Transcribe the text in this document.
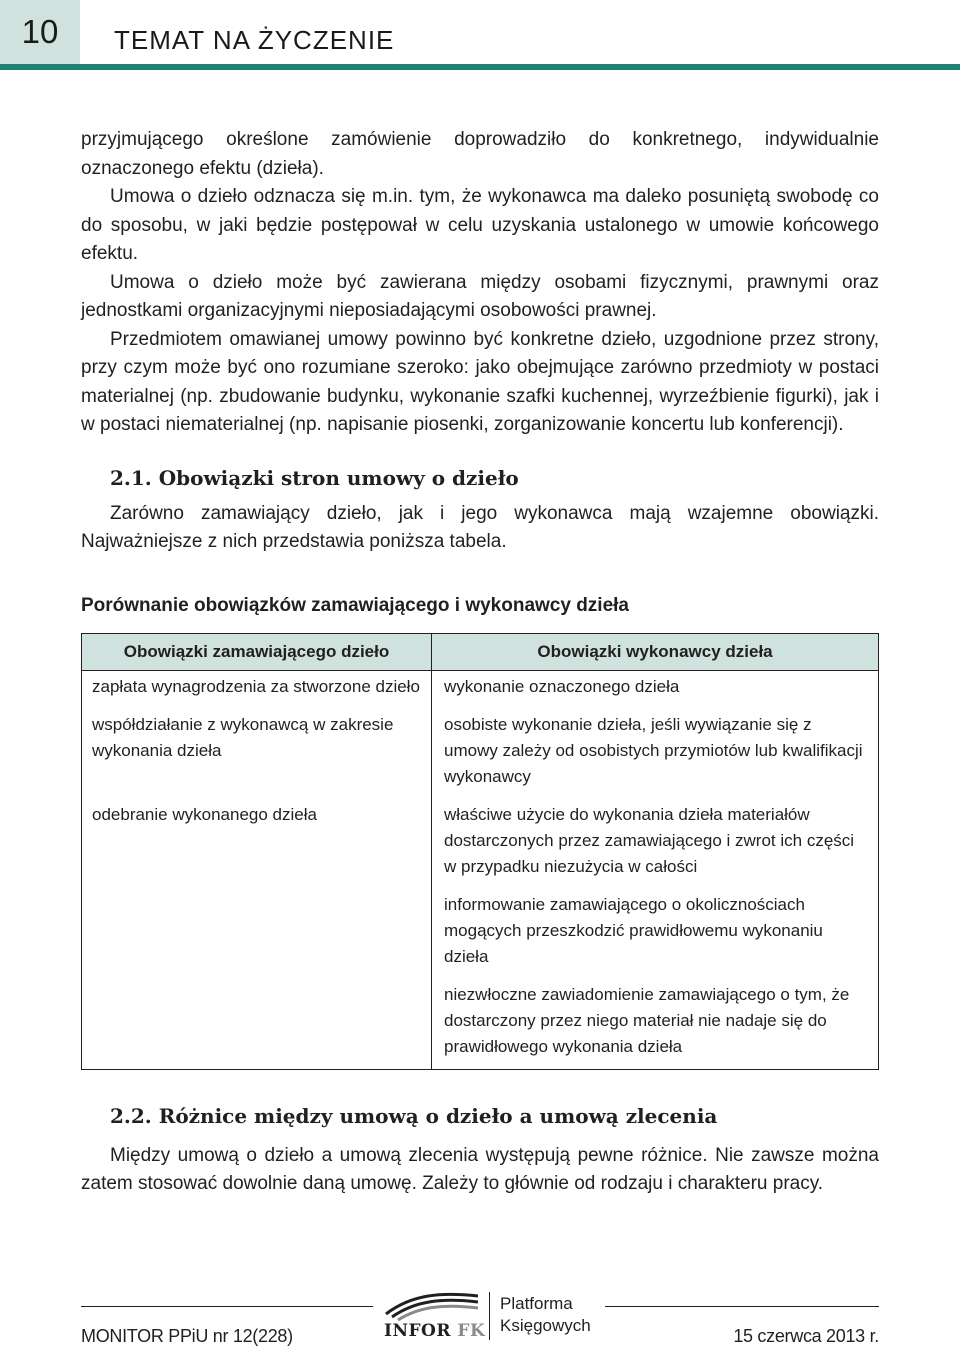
10	TEMAT NA ŻYCZENIE

przyjmującego określone zamówienie doprowadziło do konkretnego, indywidualnie oznaczonego efektu (dzieła).

Umowa o dzieło odznacza się m.in. tym, że wykonawca ma daleko posuniętą swobodę co do sposobu, w jaki będzie postępował w celu uzyskania ustalonego w umowie końcowego efektu.

Umowa o dzieło może być zawierana między osobami fizycznymi, prawnymi oraz jednostkami organizacyjnymi nieposiadającymi osobowości prawnej.

Przedmiotem omawianej umowy powinno być konkretne dzieło, uzgodnione przez strony, przy czym może być ono rozumiane szeroko: jako obejmujące zarówno przedmioty w postaci materialnej (np. zbudowanie budynku, wykonanie szafki kuchennej, wyrzeźbienie figurki), jak i w postaci niematerialnej (np. napisanie piosenki, zorganizowanie koncertu lub konferencji).

2.1. Obowiązki stron umowy o dzieło

Zarówno zamawiający dzieło, jak i jego wykonawca mają wzajemne obowiązki. Najważniejsze z nich przedstawia poniższa tabela.

Porównanie obowiązków zamawiającego i wykonawcy dzieła

Obowiązki zamawiającego dzieło	Obowiązki wykonawcy dzieła
zapłata wynagrodzenia za stworzone dzieło	wykonanie oznaczonego dzieła
współdziałanie z wykonawcą w zakresie wykonania dzieła	osobiste wykonanie dzieła, jeśli wywiązanie się z umowy zależy od osobistych przymiotów lub kwalifikacji wykonawcy
odebranie wykonanego dzieła	właściwe użycie do wykonania dzieła materiałów dostarczonych przez zamawiającego i zwrot ich części w przypadku niezużycia w całości
	informowanie zamawiającego o okolicznościach mogących przeszkodzić prawidłowemu wykonaniu dzieła
	niezwłoczne zawiadomienie zamawiającego o tym, że dostarczony przez niego materiał nie nadaje się do prawidłowego wykonania dzieła
2.2. Różnice między umową o dzieło a umową zlecenia

Między umową o dzieło a umową zlecenia występują pewne różnice. Nie zawsze można zatem stosować dowolnie daną umowę. Zależy to głównie od rodzaju i charakteru pracy.

MONITOR PPiU nr 12(228)	INFOR FK
Platforma
Księgowych
15 czerwca 2013 r.
